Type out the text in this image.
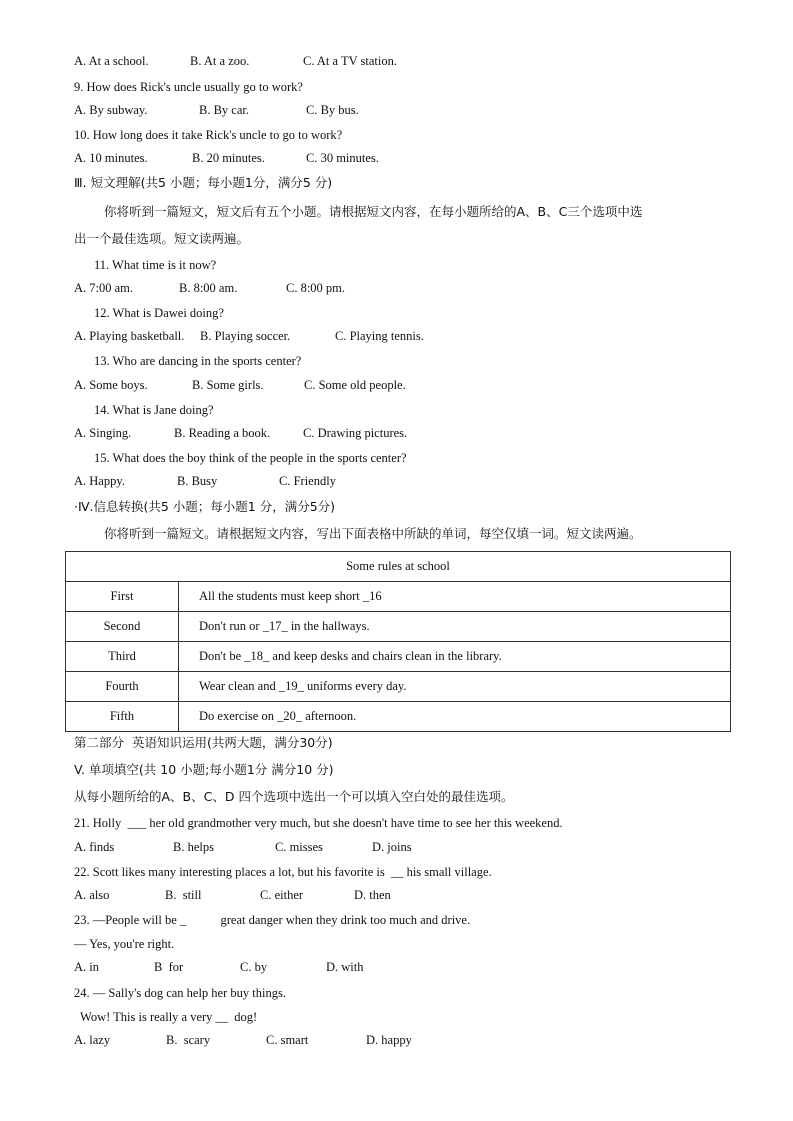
A. At a school.	B. At a zoo.	C. At a TV station.
9. How does Rick's uncle usually go to work?
A. By subway.	B. By car.	C. By bus.
10. How long does it take Rick's uncle to go to work?
A. 10 minutes.	B. 20 minutes.	C. 30 minutes.
Ⅲ. 短文理解(共5 小题；每小题1分，满分5 分)
你将听到一篇短文，短文后有五个小题。请根据短文内容，在每小题所给的A、B、C三个选项中选
出一个最佳选项。短文读两遍。
11. What time is it now?
A. 7:00 am.	B. 8:00 am.	C. 8:00 pm.
12. What is Dawei doing?
A. Playing basketball. B. Playing soccer.	C. Playing tennis.
13. Who are dancing in the sports center?
A. Some boys.	B. Some girls.	C. Some old people.
14. What is Jane doing?
A. Singing.	B. Reading a book.	C. Drawing pictures.
15. What does the boy think of the people in the sports center?
A. Happy.	B. Busy	C. Friendly
·Ⅳ.信息转换(共5 小题；每小题1 分，满分5分)
你将听到一篇短文。请根据短文内容，写出下面表格中所缺的单词，每空仅填一词。短文读两遍。
Some rules at school	
First	All the students must keep short _16
Second	Don't run or _17_ in the hallways.
Third	Don't be _18_ and keep desks and chairs clean in the library.
Fourth	Wear clean and _19_ uniforms every day.
Fifth	Do exercise on _20_ afternoon.
第二部分  英语知识运用(共两大题，满分30分)
V. 单项填空(共 10 小题;每小题1分 满分10 分)
从每小题所给的A、B、C、D 四个选项中选出一个可以填入空白处的最佳选项。
21. Holly  ___ her old grandmother very much, but she doesn't have time to see her this weekend.
A. finds	B. helps	C. misses	D. joins
22. Scott likes many interesting places a lot, but his favorite is  __ his small village.
A. also	B.  still	C. either	D. then
23. —People will be _           great danger when they drink too much and drive.
— Yes, you're right.
A. in	B  for	C. by	D. with
24. — Sally's dog can help her buy things.
Wow! This is really a very __  dog!
A. lazy	B.  scary	C. smart	D. happy
